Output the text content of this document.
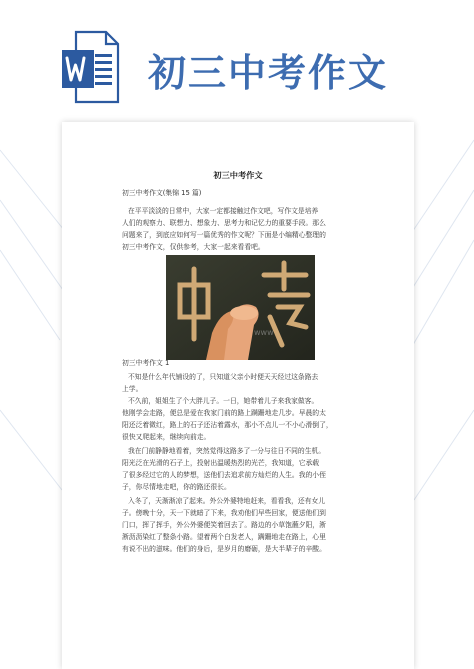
初三中考作文
初三中考作文
初三中考作文(集锦 15 篇)
在平平淡淡的日常中，大家一定都接触过作文吧，写作文是培养
人们的观察力、联想力、想象力、思考力和记忆力的重要手段。那么
问题来了，到底应如何写一篇优秀的作文呢？下面是小编精心整理的
初三中考作文，仅供参考，大家一起来看看吧。
www
初三中考作文 1
不知是什么年代铺设的了，只知道父亲小时便天天经过这条路去
上学。
不久前，姐姐生了个大胖儿子。一日，她带着儿子来我家做客。
他刚学会走路，便总是爱在我家门前的路上蹒跚地走几步。早晨的太
阳还泛着微红，路上的石子还沾着露水，那小不点儿一不小心滑倒了，
很快又爬起来，继续向前走。
我在门前静静地看着，突然觉得这路多了一分与往日不同的生机。
阳光泛在光滑的石子上，投射出温暖热烈的光芒，我知道，它承载
了很多经过它的人的梦想，送他们去追求前方灿烂的人生。我的小侄
子，你尽情地走吧，你的路还很长。
入冬了，天渐渐凉了起来。外公外婆特地赶来，看看我，还有女儿
子。傍晚十分，天一下就暗了下来，我劝他们早些回家，便送他们到
门口，挥了挥手，外公外婆便笑着回去了。路边的小草饱蘸夕阳，淅
淅沥沥染红了整条小路。望着两个白发老人，蹒跚地走在路上，心里
有说不出的滋味。他们的身后，是岁月的磨砺，是大半辈子的辛酸。
